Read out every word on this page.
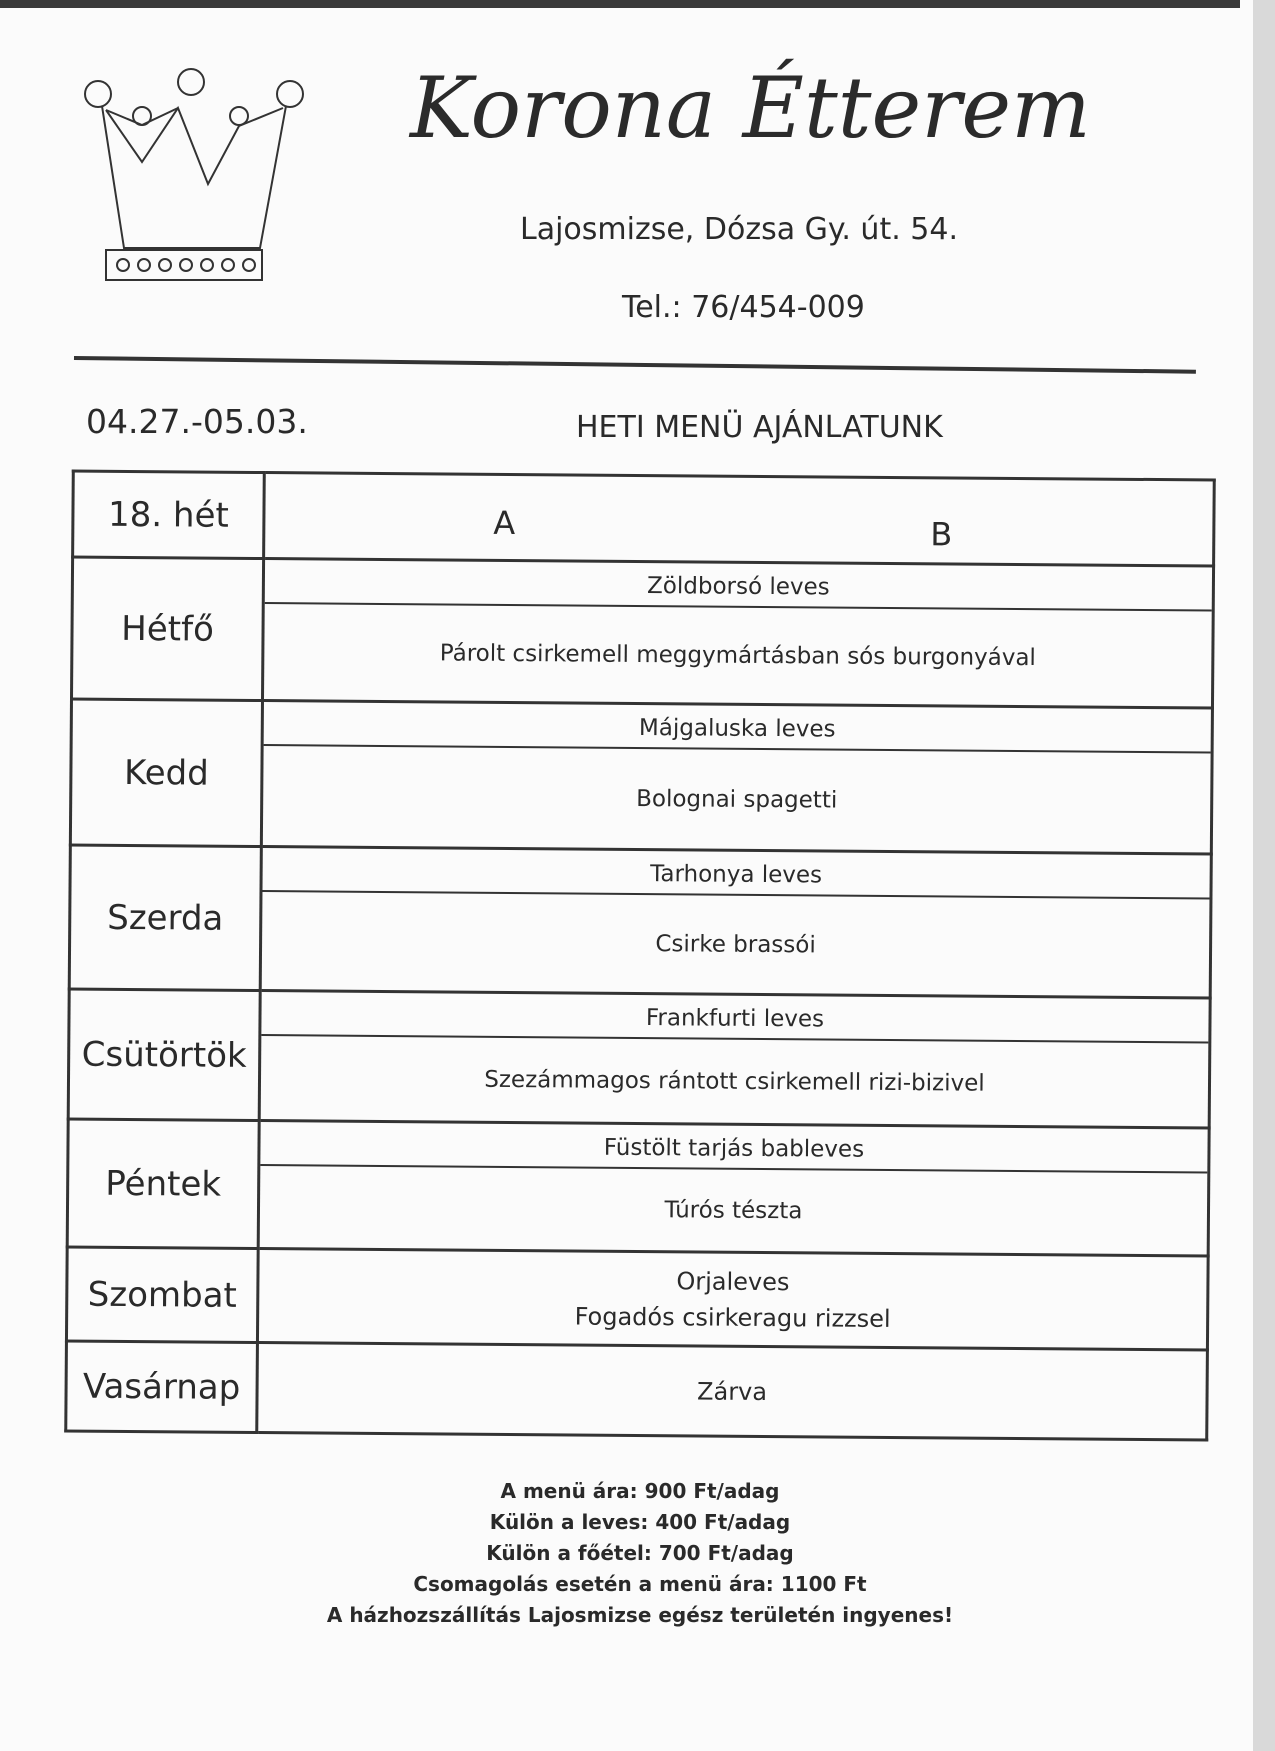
Korona Étterem
Lajosmizse, Dózsa Gy. út. 54.
Tel.: 76/454-009
04.27.-05.03.	HETI MENÜ AJÁNLATUNK
18. hét	A B

Hétfő	Zöldborsó leves
Párolt csirkemell meggymártásban sós burgonyával

Kedd	Májgaluska leves
Bolognai spagetti

Szerda	Tarhonya leves
Csirke brassói

Csütörtök	Frankfurti leves
Szezámmagos rántott csirkemell rizi-bizivel

Péntek	Füstölt tarjás bableves
Túrós tészta

Szombat	Orjaleves
Fogadós csirkeragu rizzsel

Vasárnap	Zárva
A menü ára: 900 Ft/adag
Külön a leves: 400 Ft/adag
Külön a főétel: 700 Ft/adag
Csomagolás esetén a menü ára: 1100 Ft
A házhozszállítás Lajosmizse egész területén ingyenes!
